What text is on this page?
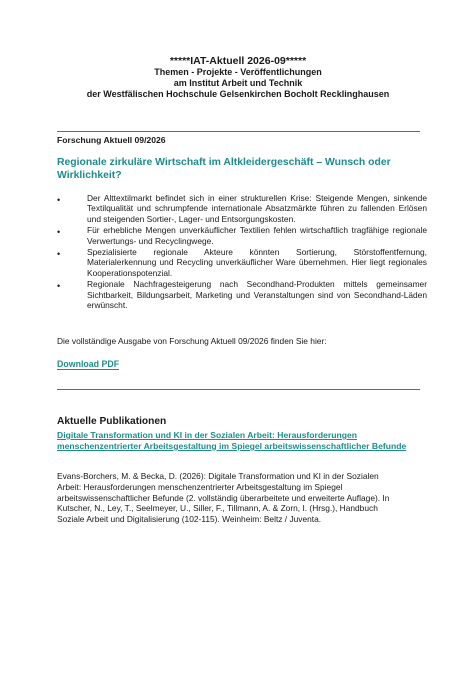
*****IAT-Aktuell 2026-09*****
Themen - Projekte - Veröffentlichungen
am Institut Arbeit und Technik
der Westfälischen Hochschule Gelsenkirchen Bocholt Recklinghausen
Forschung Aktuell 09/2026
Regionale zirkuläre Wirtschaft im Altkleidergeschäft – Wunsch oder Wirklichkeit?
•	Der Alttextilmarkt befindet sich in einer strukturellen Krise: Steigende Mengen, sinkende Textilqualität und schrumpfende internationale Absatzmärkte führen zu fallenden Erlösen und steigenden Sortier-, Lager- und Entsorgungskosten.
•	Für erhebliche Mengen unverkäuflicher Textilien fehlen wirtschaftlich tragfähige regionale Verwertungs- und Recyclingwege.
•	Spezialisierte regionale Akteure könnten Sortierung, Störstoffentfernung, Materialerkennung und Recycling unverkäuflicher Ware übernehmen. Hier liegt regionales Kooperationspotenzial.
•	Regionale Nachfragesteigerung nach Secondhand-Produkten mittels gemeinsamer Sichtbarkeit, Bildungsarbeit, Marketing und Veranstaltungen sind von Secondhand-Läden erwünscht.
Die vollständige Ausgabe von Forschung Aktuell 09/2026 finden Sie hier:
Download PDF
Aktuelle Publikationen
Digitale Transformation und KI in der Sozialen Arbeit: Herausforderungen menschenzentrierter Arbeitsgestaltung im Spiegel arbeitswissenschaftlicher Befunde
Evans-Borchers, M. & Becka, D. (2026): Digitale Transformation und KI in der Sozialen Arbeit: Herausforderungen menschenzentrierter Arbeitsgestaltung im Spiegel arbeitswissenschaftlicher Befunde (2. vollständig überarbeitete und erweiterte Auflage). In Kutscher, N., Ley, T., Seelmeyer, U., Siller, F., Tillmann, A. & Zorn, I. (Hrsg.), Handbuch Soziale Arbeit und Digitalisierung (102-115). Weinheim: Beltz / Juventa.
